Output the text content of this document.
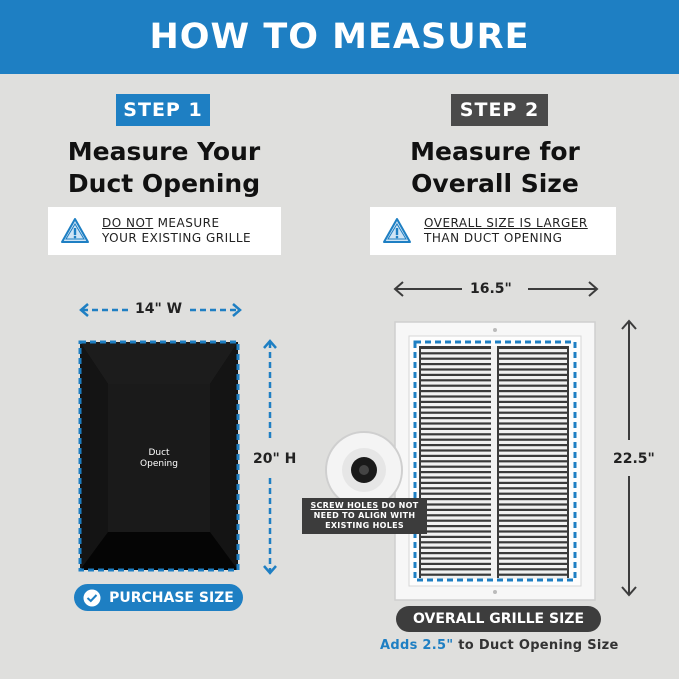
HOW TO MEASURE
STEP 1
Measure Your
Duct Opening
DO NOT MEASURE
YOUR EXISTING GRILLE
14" W
Duct
Opening	20" H
PURCHASE SIZE
STEP 2
Measure for
Overall Size
OVERALL SIZE IS LARGER
THAN DUCT OPENING
16.5"
22.5"
SCREW HOLES DO NOT
NEED TO ALIGN WITH
EXISTING HOLES
OVERALL GRILLE SIZE
Adds 2.5" to Duct Opening Size
